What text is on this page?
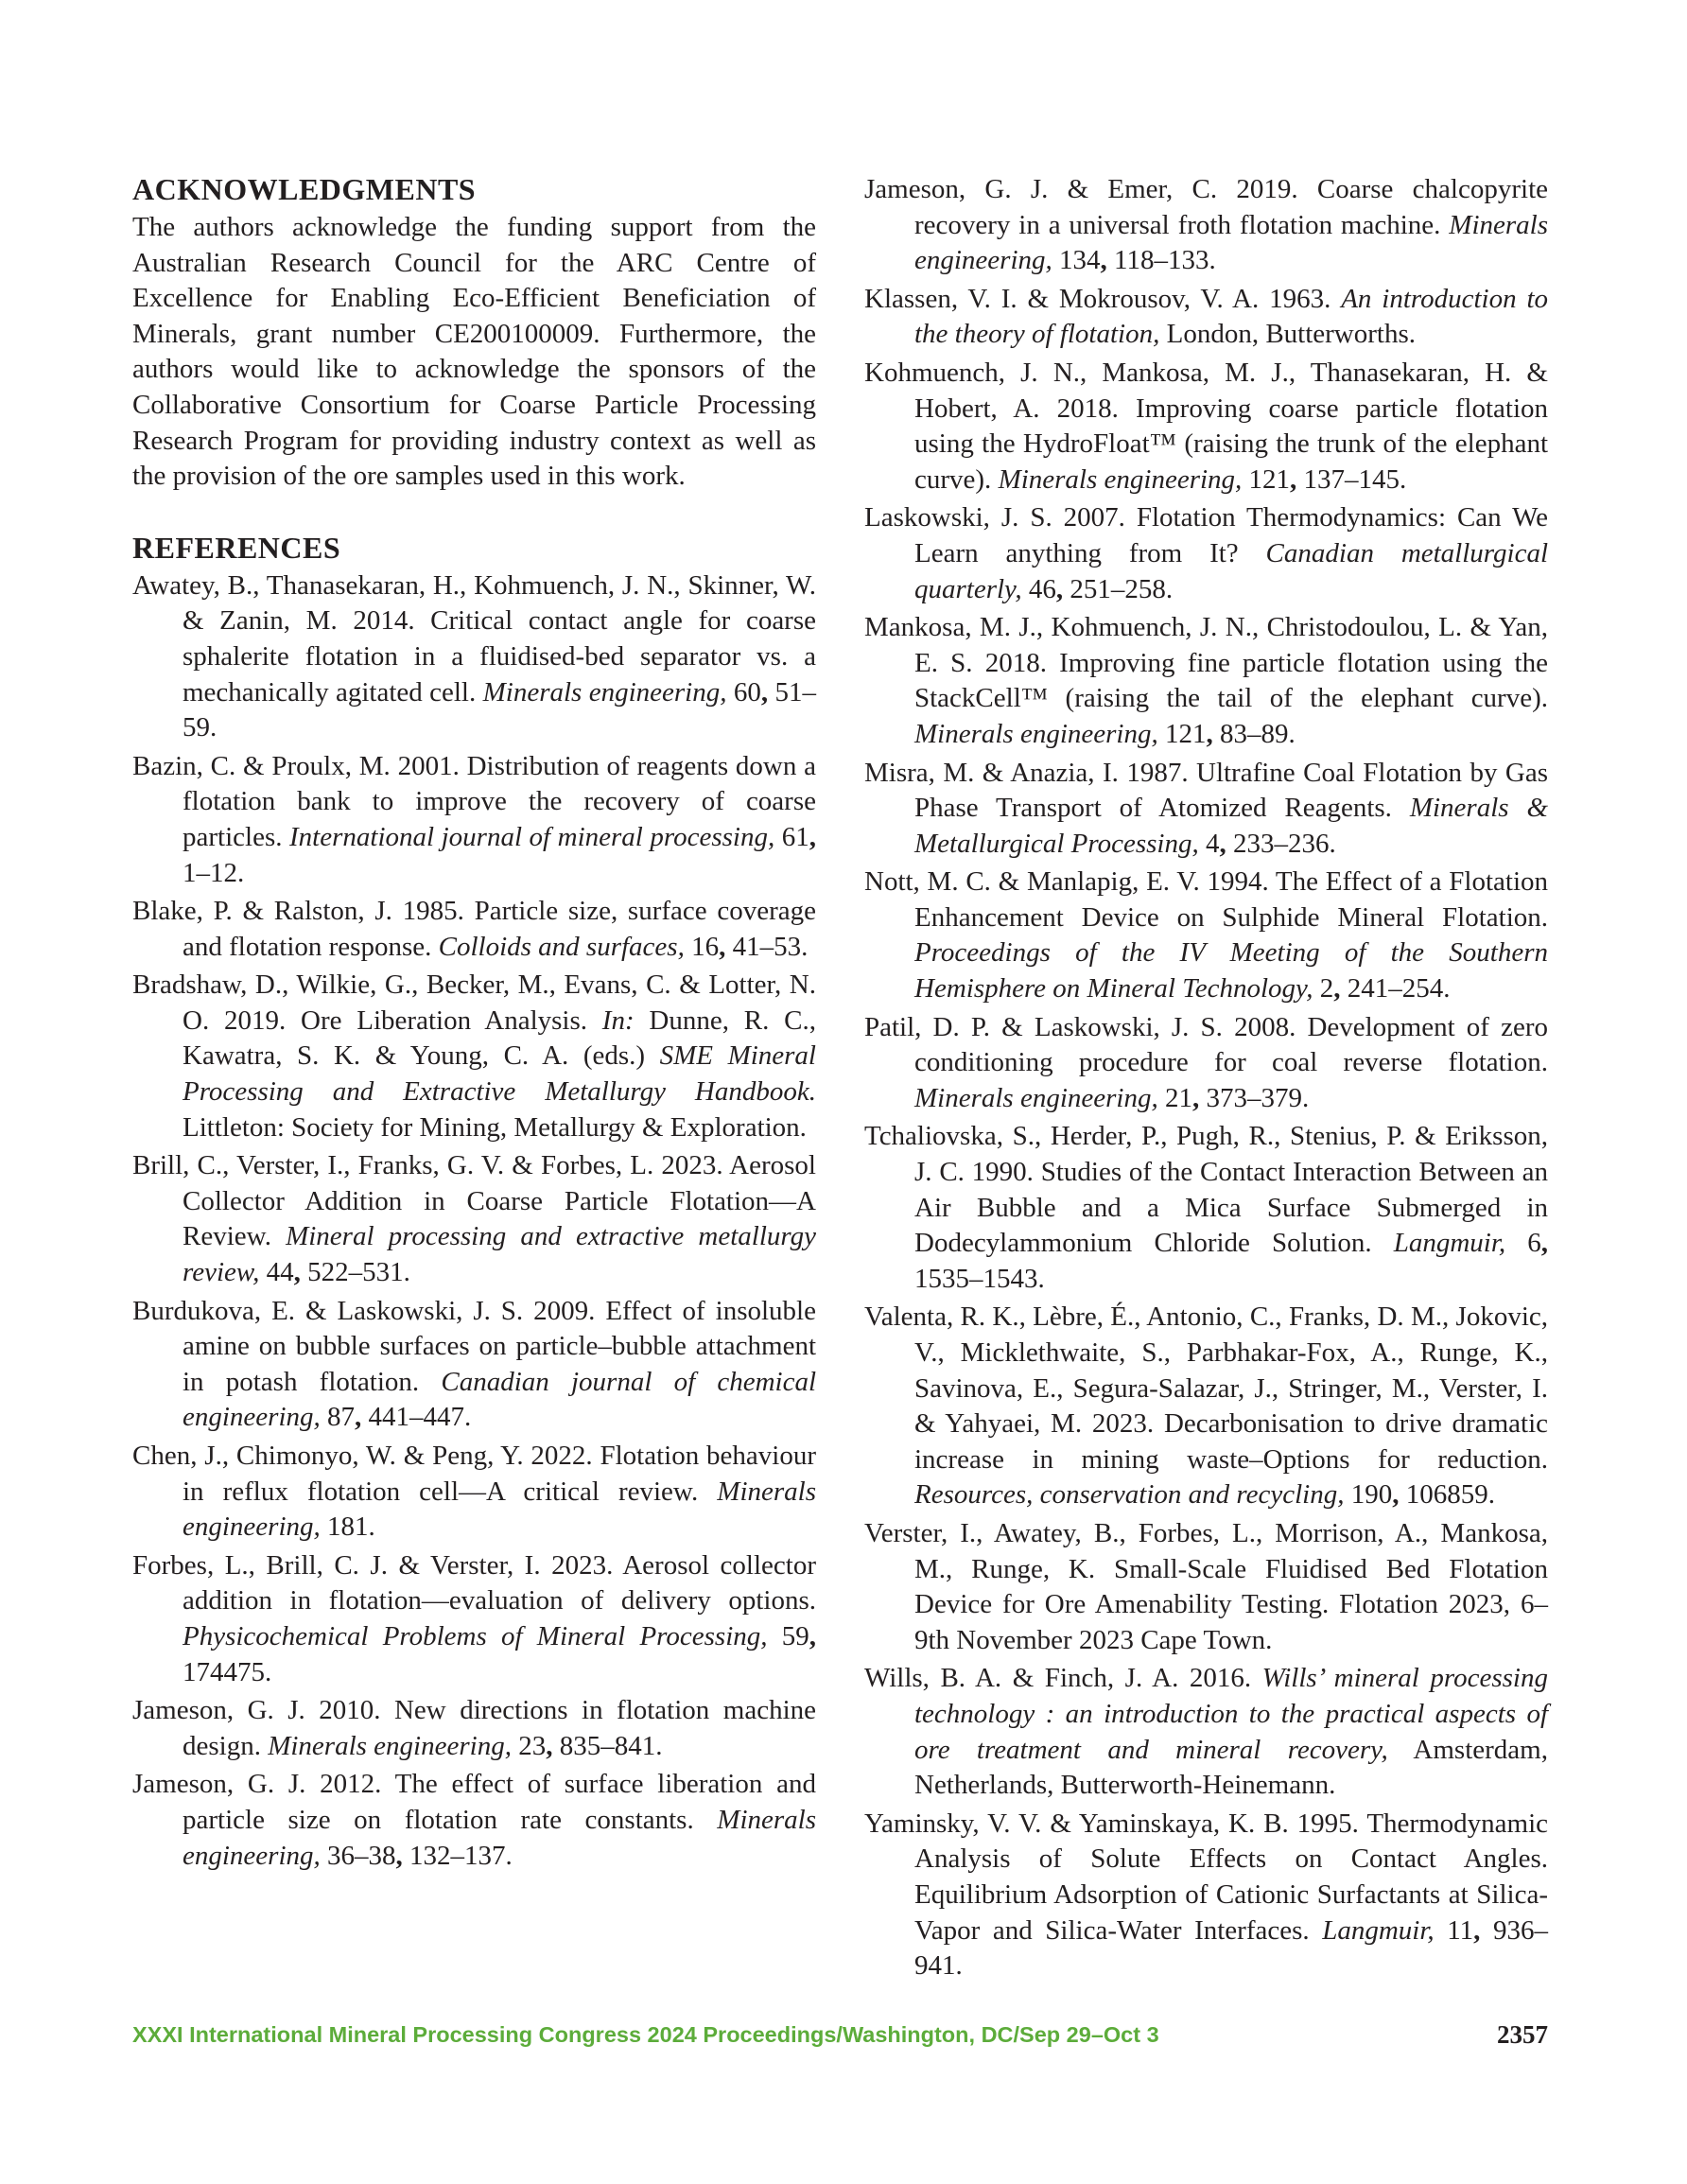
ACKNOWLEDGMENTS

The authors acknowledge the funding support from the Australian Research Council for the ARC Centre of Excellence for Enabling Eco-Efficient Beneficiation of Minerals, grant number CE200100009. Furthermore, the authors would like to acknowledge the sponsors of the Collaborative Consortium for Coarse Particle Processing Research Program for providing industry context as well as the provision of the ore samples used in this work.

REFERENCES
Awatey, B., Thanasekaran, H., Kohmuench, J. N., Skinner, W. & Zanin, M. 2014. Critical contact angle for coarse sphalerite flotation in a fluidised-bed separator vs. a mechanically agitated cell. Minerals engineering, 60, 51–59.
Bazin, C. & Proulx, M. 2001. Distribution of reagents down a flotation bank to improve the recovery of coarse particles. International journal of mineral processing, 61, 1–12.
Blake, P. & Ralston, J. 1985. Particle size, surface coverage and flotation response. Colloids and surfaces, 16, 41–53.
Bradshaw, D., Wilkie, G., Becker, M., Evans, C. & Lotter, N. O. 2019. Ore Liberation Analysis. In: Dunne, R. C., Kawatra, S. K. & Young, C. A. (eds.) SME Mineral Processing and Extractive Metallurgy Handbook. Littleton: Society for Mining, Metallurgy & Exploration.
Brill, C., Verster, I., Franks, G. V. & Forbes, L. 2023. Aerosol Collector Addition in Coarse Particle Flotation—A Review. Mineral processing and extractive metallurgy review, 44, 522–531.
Burdukova, E. & Laskowski, J. S. 2009. Effect of insoluble amine on bubble surfaces on particle–bubble attachment in potash flotation. Canadian journal of chemical engineering, 87, 441–447.
Chen, J., Chimonyo, W. & Peng, Y. 2022. Flotation behaviour in reflux flotation cell—A critical review. Minerals engineering, 181.
Forbes, L., Brill, C. J. & Verster, I. 2023. Aerosol collector addition in flotation—evaluation of delivery options. Physicochemical Problems of Mineral Processing, 59, 174475.
Jameson, G. J. 2010. New directions in flotation machine design. Minerals engineering, 23, 835–841.
Jameson, G. J. 2012. The effect of surface liberation and particle size on flotation rate constants. Minerals engineering, 36–38, 132–137.
Jameson, G. J. & Emer, C. 2019. Coarse chalcopyrite recovery in a universal froth flotation machine. Minerals engineering, 134, 118–133.
Klassen, V. I. & Mokrousov, V. A. 1963. An introduction to the theory of flotation, London, Butterworths.
Kohmuench, J. N., Mankosa, M. J., Thanasekaran, H. & Hobert, A. 2018. Improving coarse particle flotation using the HydroFloat™ (raising the trunk of the elephant curve). Minerals engineering, 121, 137–145.
Laskowski, J. S. 2007. Flotation Thermodynamics: Can We Learn anything from It? Canadian metallurgical quarterly, 46, 251–258.
Mankosa, M. J., Kohmuench, J. N., Christodoulou, L. & Yan, E. S. 2018. Improving fine particle flotation using the StackCell™ (raising the tail of the elephant curve). Minerals engineering, 121, 83–89.
Misra, M. & Anazia, I. 1987. Ultrafine Coal Flotation by Gas Phase Transport of Atomized Reagents. Minerals & Metallurgical Processing, 4, 233–236.
Nott, M. C. & Manlapig, E. V. 1994. The Effect of a Flotation Enhancement Device on Sulphide Mineral Flotation. Proceedings of the IV Meeting of the Southern Hemisphere on Mineral Technology, 2, 241–254.
Patil, D. P. & Laskowski, J. S. 2008. Development of zero conditioning procedure for coal reverse flotation. Minerals engineering, 21, 373–379.
Tchaliovska, S., Herder, P., Pugh, R., Stenius, P. & Eriksson, J. C. 1990. Studies of the Contact Interaction Between an Air Bubble and a Mica Surface Submerged in Dodecylammonium Chloride Solution. Langmuir, 6, 1535–1543.
Valenta, R. K., Lèbre, É., Antonio, C., Franks, D. M., Jokovic, V., Micklethwaite, S., Parbhakar-Fox, A., Runge, K., Savinova, E., Segura-Salazar, J., Stringer, M., Verster, I. & Yahyaei, M. 2023. Decarbonisation to drive dramatic increase in mining waste–Options for reduction. Resources, conservation and recycling, 190, 106859.
Verster, I., Awatey, B., Forbes, L., Morrison, A., Mankosa, M., Runge, K. Small-Scale Fluidised Bed Flotation Device for Ore Amenability Testing. Flotation 2023, 6–9th November 2023 Cape Town.
Wills, B. A. & Finch, J. A. 2016. Wills’ mineral processing technology : an introduction to the practical aspects of ore treatment and mineral recovery, Amsterdam, Netherlands, Butterworth-Heinemann.
Yaminsky, V. V. & Yaminskaya, K. B. 1995. Thermodynamic Analysis of Solute Effects on Contact Angles. Equilibrium Adsorption of Cationic Surfactants at Silica-Vapor and Silica-Water Interfaces. Langmuir, 11, 936–941.
XXXI International Mineral Processing Congress 2024 Proceedings/Washington, DC/Sep 29–Oct 3	2357
